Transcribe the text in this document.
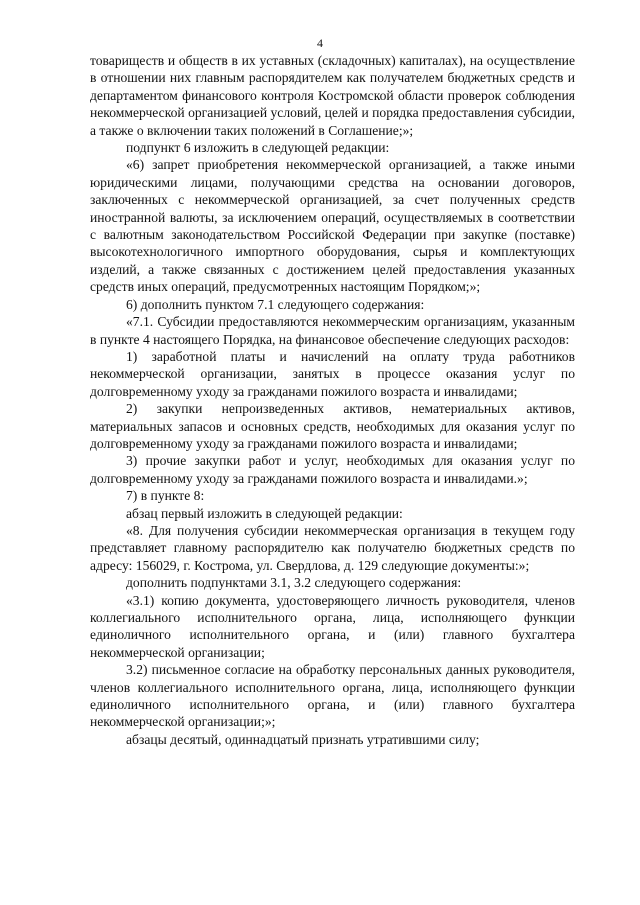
4

товариществ и обществ в их уставных (складочных) капиталах), на осуществление в отношении них главным распорядителем как получателем бюджетных средств и департаментом финансового контроля Костромской области проверок соблюдения некоммерческой организацией условий, целей и порядка предоставления субсидии, а также о включении таких положений в Соглашение;»;

подпункт 6 изложить в следующей редакции:

«6) запрет приобретения некоммерческой организацией, а также иными юридическими лицами, получающими средства на основании договоров, заключенных с некоммерческой организацией, за счет полученных средств иностранной валюты, за исключением операций, осуществляемых в соответствии с валютным законодательством Российской Федерации при закупке (поставке) высокотехнологичного импортного оборудования, сырья и комплектующих изделий, а также связанных с достижением целей предоставления указанных средств иных операций, предусмотренных настоящим Порядком;»;

6) дополнить пунктом 7.1 следующего содержания:

«7.1. Субсидии предоставляются некоммерческим организациям, указанным в пункте 4 настоящего Порядка, на финансовое обеспечение следующих расходов:

1) заработной платы и начислений на оплату труда работников некоммерческой организации, занятых в процессе оказания услуг по долговременному уходу за гражданами пожилого возраста и инвалидами;

2) закупки непроизведенных активов, нематериальных активов, материальных запасов и основных средств, необходимых для оказания услуг по долговременному уходу за гражданами пожилого возраста и инвалидами;

3) прочие закупки работ и услуг, необходимых для оказания услуг по долговременному уходу за гражданами пожилого возраста и инвалидами.»;

7) в пункте 8:

абзац первый изложить в следующей редакции:

«8. Для получения субсидии некоммерческая организация в текущем году представляет главному распорядителю как получателю бюджетных средств по адресу: 156029, г. Кострома, ул. Свердлова, д. 129 следующие документы:»;

дополнить подпунктами 3.1, 3.2 следующего содержания:

«3.1) копию документа, удостоверяющего личность руководителя, членов коллегиального исполнительного органа, лица, исполняющего функции единоличного исполнительного органа, и (или) главного бухгалтера некоммерческой организации;

3.2) письменное согласие на обработку персональных данных руководителя, членов коллегиального исполнительного органа, лица, исполняющего функции единоличного исполнительного органа, и (или) главного бухгалтера некоммерческой организации;»;

абзацы десятый, одиннадцатый признать утратившими силу;
